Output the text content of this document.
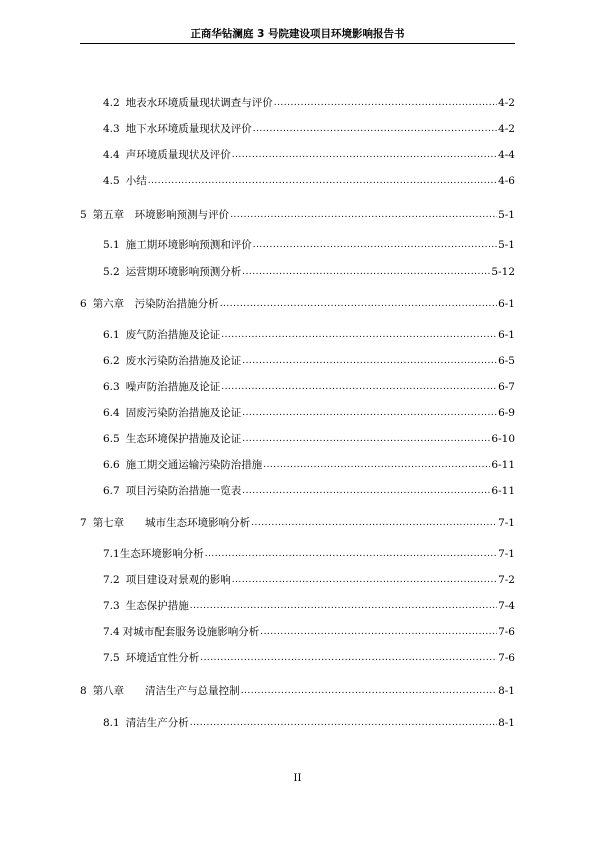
正商华钻澜庭 3 号院建设项目环境影响报告书
4.2 地表水环境质量现状调查与评价 .....	4-2
4.3 地下水环境质量现状及评价 .....	4-2
4.4 声环境质量现状及评价 .....	4-4
4.5 小结 .....	4-6
5 第五章　环境影响预测与评价 .....	5-1
5.1 施工期环境影响预测和评价 .....	5-1
5.2 运营期环境影响预测分析 .....	5-12
6 第六章　污染防治措施分析 .....	6-1
6.1 废气防治措施及论证 .....	6-1
6.2 废水污染防治措施及论证 .....	6-5
6.3 噪声防治措施及论证 .....	6-7
6.4 固废污染防治措施及论证 .....	6-9
6.5 生态环境保护措施及论证 .....	6-10
6.6 施工期交通运输污染防治措施 .....	6-11
6.7 项目污染防治措施一览表 .....	6-11
7 第七章　　城市生态环境影响分析 .....	7-1
7.1 生态环境影响分析 .....	7-1
7.2 项目建设对景观的影响 .....	7-2
7.3 生态保护措施 .....	7-4
7.4 对城市配套服务设施影响分析 .....	7-6
7.5 环境适宜性分析 .....	7-6
8 第八章　　清洁生产与总量控制 .....	8-1
8.1 清洁生产分析 .....	8-1
II
